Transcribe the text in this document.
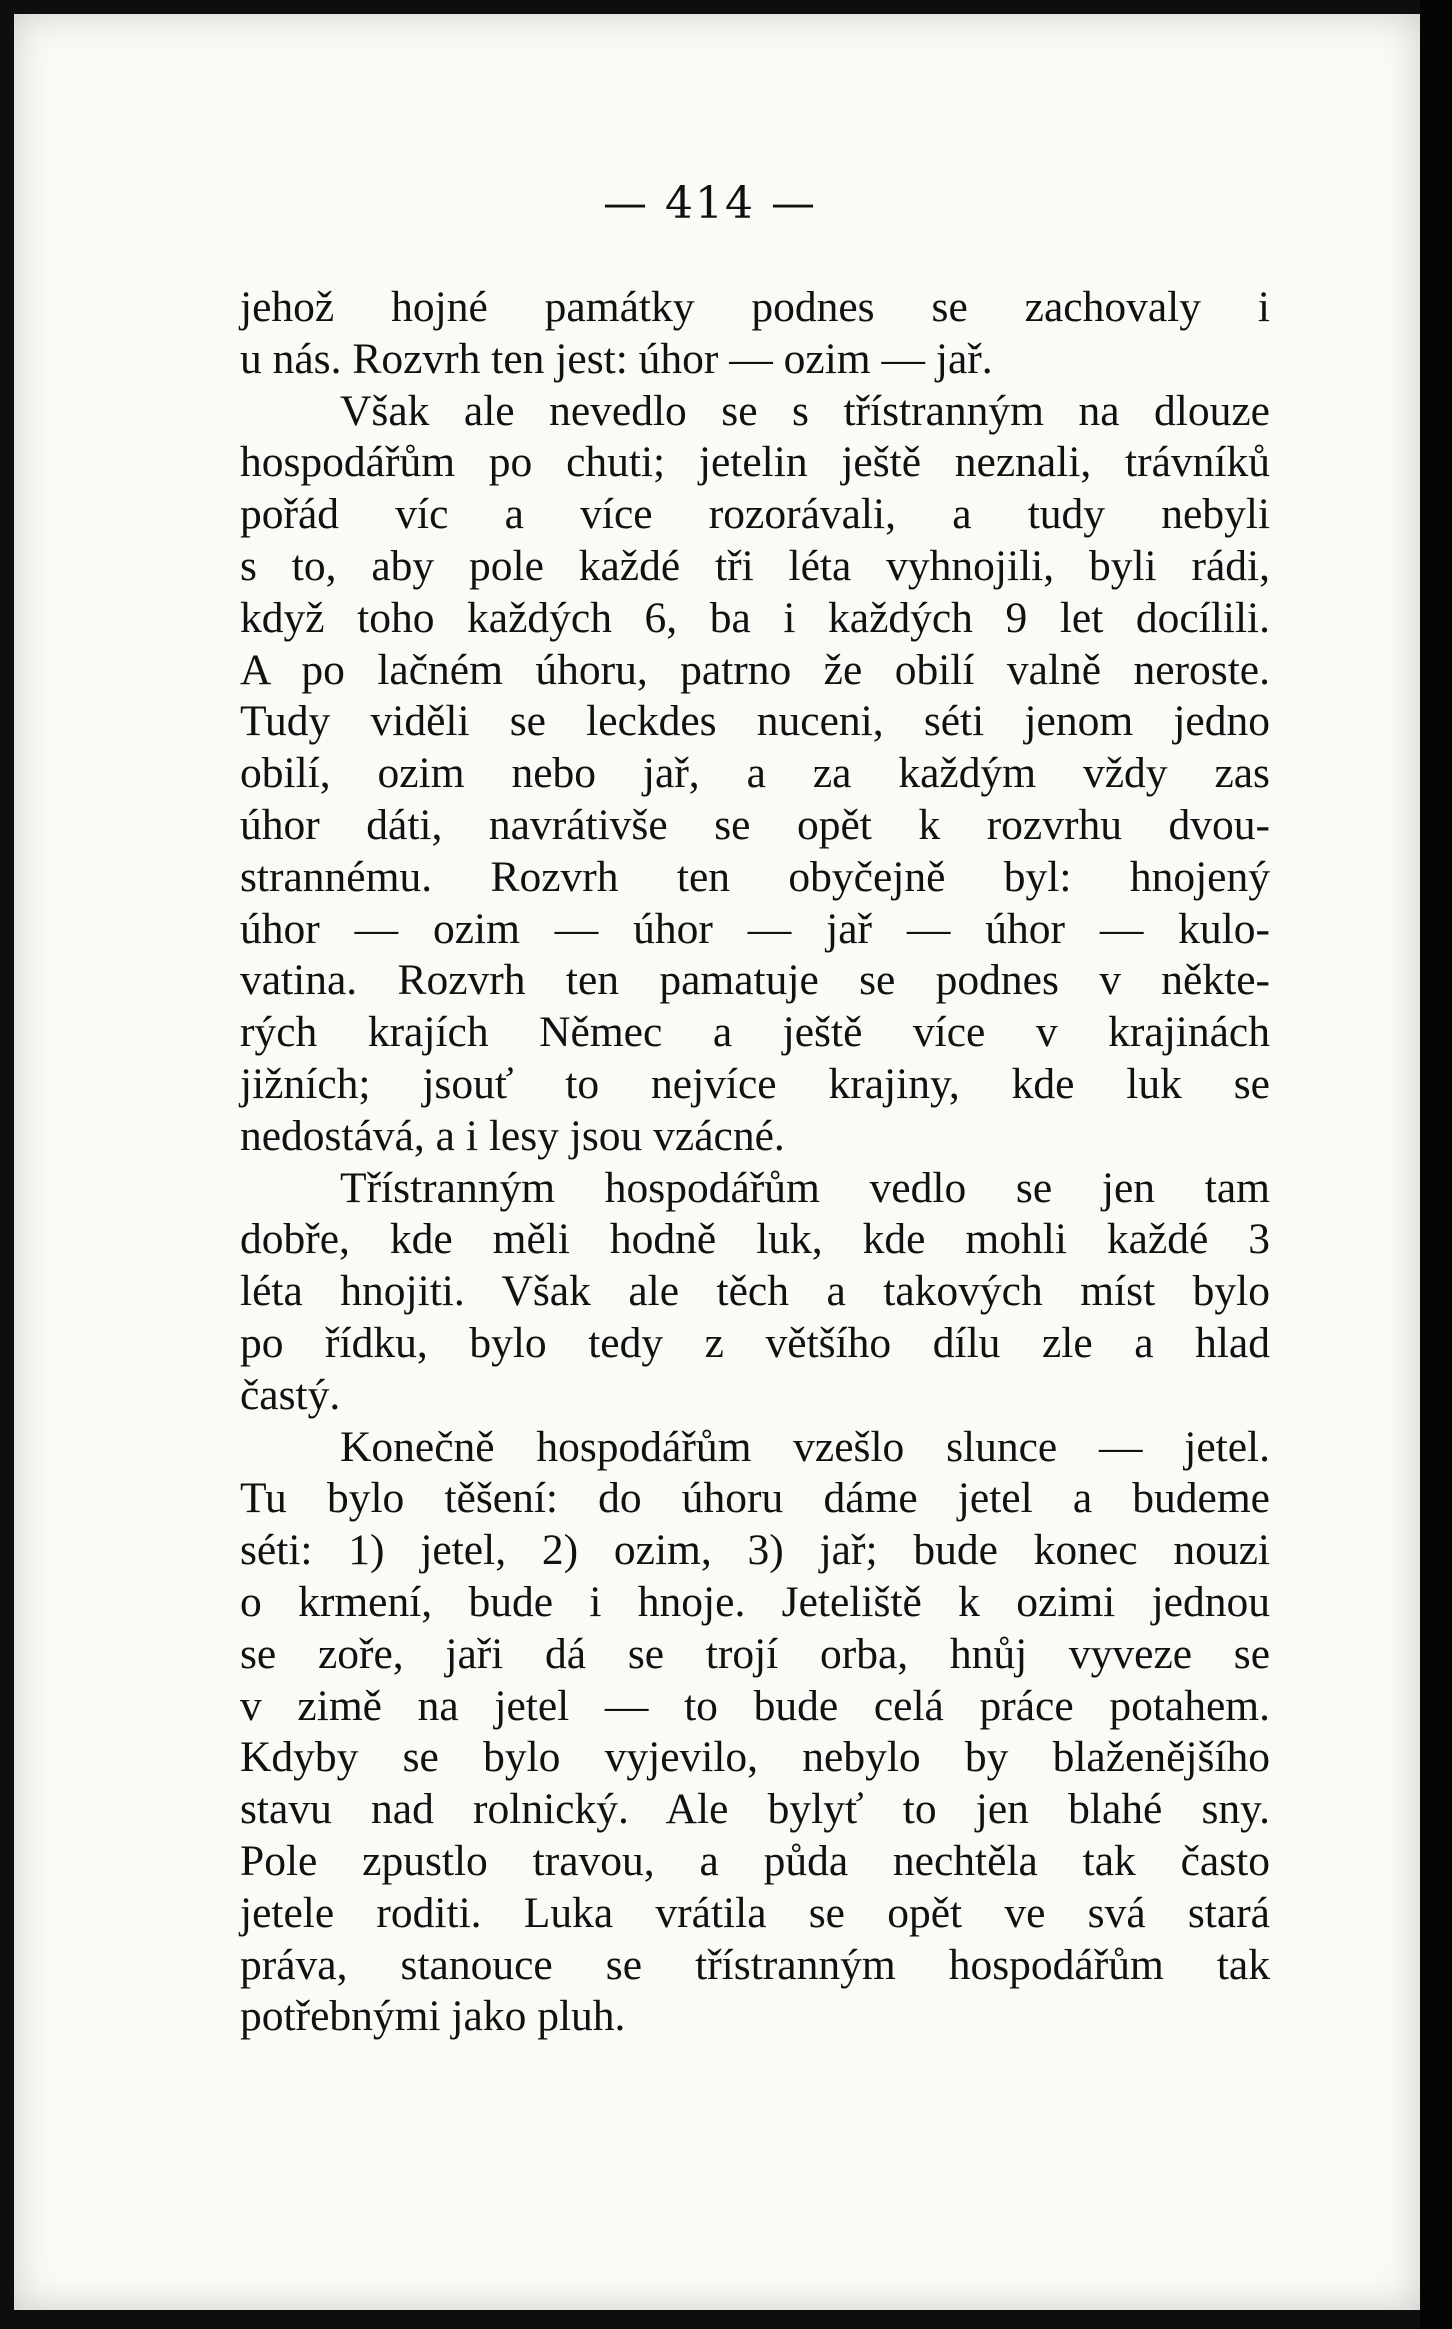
— 414 —
jehož hojné památky podnes se zachovaly i
u nás. Rozvrh ten jest: úhor — ozim — jař.
Však ale nevedlo se s třístranným na dlouze
hospodářům po chuti; jetelin ještě neznali, trávníků
pořád víc a více rozorávali, a tudy nebyli
s to, aby pole každé tři léta vyhnojili, byli rádi,
když toho každých 6, ba i každých 9 let docílili.
A po lačném úhoru, patrno že obilí valně neroste.
Tudy viděli se leckdes nuceni, séti jenom jedno
obilí, ozim nebo jař, a za každým vždy zas
úhor dáti, navrátivše se opět k rozvrhu dvou-
strannému. Rozvrh ten obyčejně byl: hnojený
úhor — ozim — úhor — jař — úhor — kulo-
vatina. Rozvrh ten pamatuje se podnes v někte-
rých krajích Němec a ještě více v krajinách
jižních; jsouť to nejvíce krajiny, kde luk se
nedostává, a i lesy jsou vzácné.
Třístranným hospodářům vedlo se jen tam
dobře, kde měli hodně luk, kde mohli každé 3
léta hnojiti. Však ale těch a takových míst bylo
po řídku, bylo tedy z většího dílu zle a hlad
častý.
Konečně hospodářům vzešlo slunce — jetel.
Tu bylo těšení: do úhoru dáme jetel a budeme
séti: 1) jetel, 2) ozim, 3) jař; bude konec nouzi
o krmení, bude i hnoje. Jeteliště k ozimi jednou
se zoře, jaři dá se trojí orba, hnůj vyveze se
v zimě na jetel — to bude celá práce potahem.
Kdyby se bylo vyjevilo, nebylo by blaženějšího
stavu nad rolnický. Ale bylyť to jen blahé sny.
Pole zpustlo travou, a půda nechtěla tak často
jetele roditi. Luka vrátila se opět ve svá stará
práva, stanouce se třístranným hospodářům tak
potřebnými jako pluh.
